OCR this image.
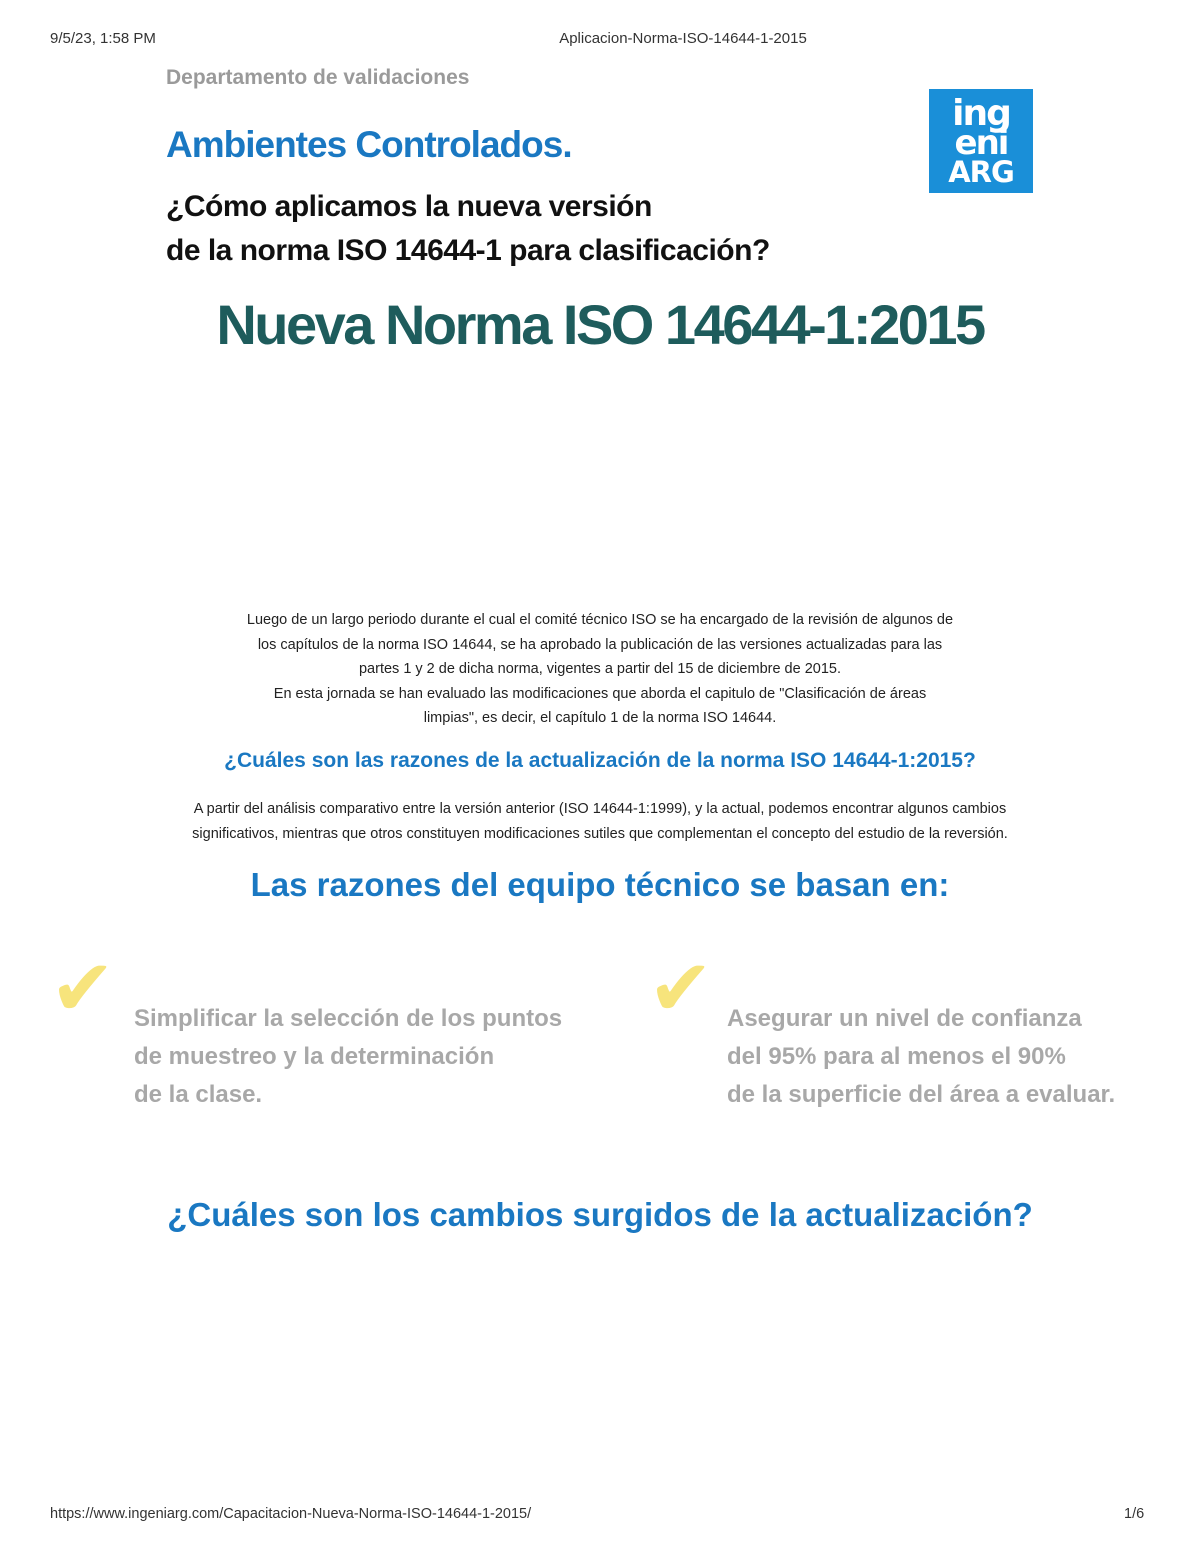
9/5/23, 1:58 PM	Aplicacion-Norma-ISO-14644-1-2015
Departamento de validaciones
Ambientes Controlados.
¿Cómo aplicamos la nueva versión
de la norma ISO 14644-1 para clasificación?
ing
eni
ARG
Nueva Norma ISO 14644-1:2015
Luego de un largo periodo durante el cual el comité técnico ISO se ha encargado de la revisión de algunos de
los capítulos de la norma ISO 14644, se ha aprobado la publicación de las versiones actualizadas para las
partes 1 y 2 de dicha norma, vigentes a partir del 15 de diciembre de 2015.
En esta jornada se han evaluado las modificaciones que aborda el capitulo de "Clasificación de áreas
limpias", es decir, el capítulo 1 de la norma ISO 14644.
¿Cuáles son las razones de la actualización de la norma ISO 14644-1:2015?
A partir del análisis comparativo entre la versión anterior (ISO 14644-1:1999), y la actual, podemos encontrar algunos cambios
significativos, mientras que otros constituyen modificaciones sutiles que complementan el concepto del estudio de la reversión.
Las razones del equipo técnico se basan en:
✔ Simplificar la selección de los puntos
de muestreo y la determinación
de la clase.
✔ Asegurar un nivel de confianza
del 95% para al menos el 90%
de la superficie del área a evaluar.
¿Cuáles son los cambios surgidos de la actualización?
https://www.ingeniarg.com/Capacitacion-Nueva-Norma-ISO-14644-1-2015/	1/6
